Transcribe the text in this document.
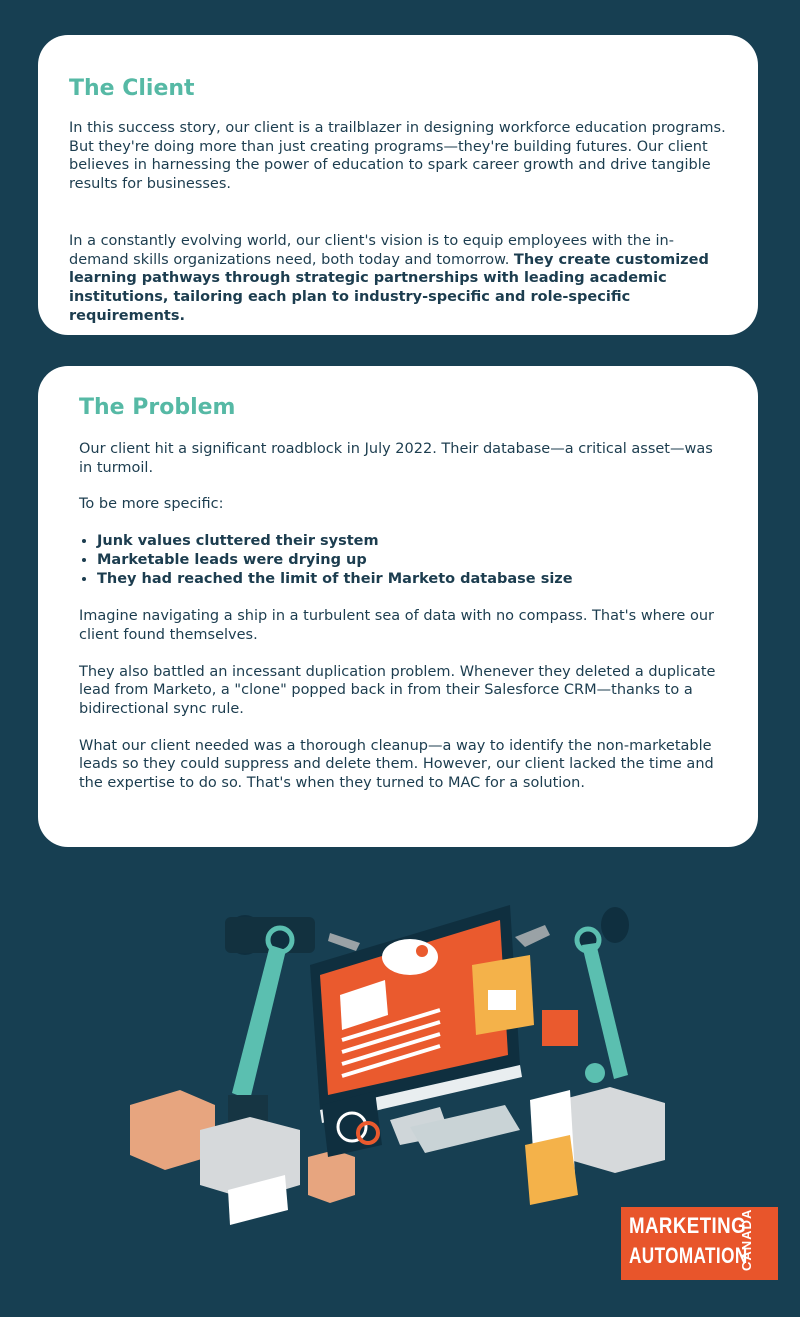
The Client

In this success story, our client is a trailblazer in designing workforce education programs. But they're doing more than just creating programs—they're building futures. Our client believes in harnessing the power of education to spark career growth and drive tangible results for businesses.

In a constantly evolving world, our client's vision is to equip employees with the in-demand skills organizations need, both today and tomorrow. They create customized learning pathways through strategic partnerships with leading academic institutions, tailoring each plan to industry-specific and role-specific requirements.

The Problem

Our client hit a significant roadblock in July 2022. Their database—a critical asset—was in turmoil.

To be more specific:

• Junk values cluttered their system
• Marketable leads were drying up
• They had reached the limit of their Marketo database size

Imagine navigating a ship in a turbulent sea of data with no compass. That's where our client found themselves.

They also battled an incessant duplication problem. Whenever they deleted a duplicate lead from Marketo, a "clone" popped back in from their Salesforce CRM—thanks to a bidirectional sync rule.

What our client needed was a thorough cleanup—a way to identify the non-marketable leads so they could suppress and delete them. However, our client lacked the time and the expertise to do so. That's when they turned to MAC for a solution.

MARKETING
AUTOMATION
CANADA
